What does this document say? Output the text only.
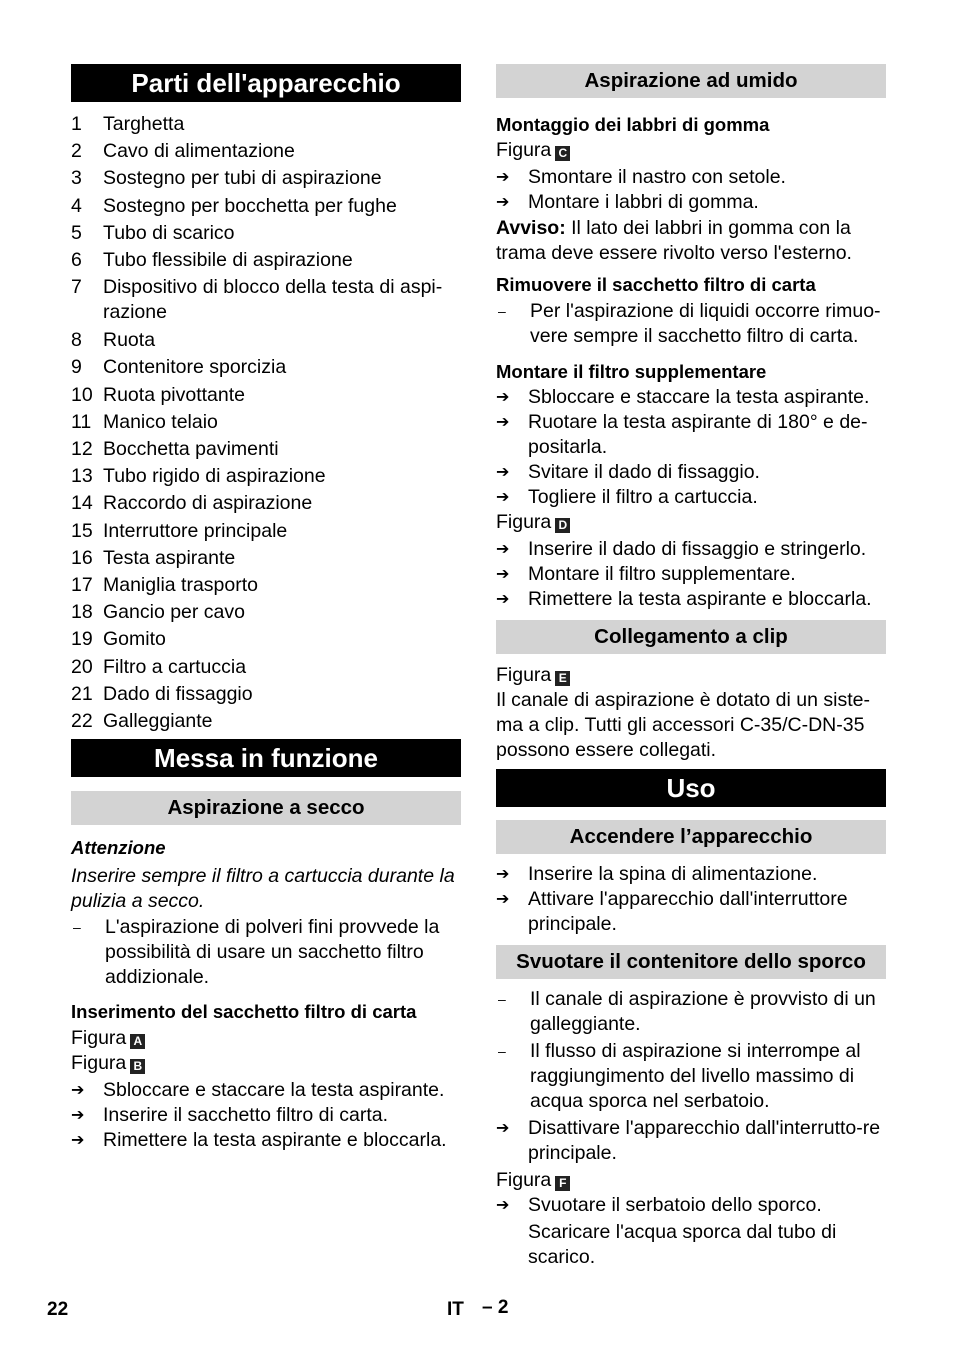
Parti dell'apparecchio
1	Targhetta
2	Cavo di alimentazione
3	Sostegno per tubi di aspirazione
4	Sostegno per bocchetta per fughe
5	Tubo di scarico
6	Tubo flessibile di aspirazione
7	Dispositivo di blocco della testa di aspi-razione
8	Ruota
9	Contenitore sporcizia
10 Ruota pivottante
11 Manico telaio
12 Bocchetta pavimenti
13 Tubo rigido di aspirazione
14 Raccordo di aspirazione
15 Interruttore principale
16 Testa aspirante
17 Maniglia trasporto
18 Gancio per cavo
19 Gomito
20 Filtro a cartuccia
21 Dado di fissaggio
22 Galleggiante
Messa in funzione
Aspirazione a secco
Attenzione
Inserire sempre il filtro a cartuccia durante la pulizia a secco.
–	L'aspirazione di polveri fini provvede la possibilità di usare un sacchetto filtro addizionale.
Inserimento del sacchetto filtro di carta
Figura A
Figura B
➔ Sbloccare e staccare la testa aspirante.
➔ Inserire il sacchetto filtro di carta.
➔ Rimettere la testa aspirante e bloccarla.
Aspirazione ad umido
Montaggio dei labbri di gomma
Figura C
➔ Smontare il nastro con setole.
➔ Montare i labbri di gomma.
Avviso: Il lato dei labbri in gomma con la trama deve essere rivolto verso l'esterno.
Rimuovere il sacchetto filtro di carta
–	Per l'aspirazione di liquidi occorre rimuo-vere sempre il sacchetto filtro di carta.
Montare il filtro supplementare
➔ Sbloccare e staccare la testa aspirante.
➔ Ruotare la testa aspirante di 180° e de-positarla.
➔ Svitare il dado di fissaggio.
➔ Togliere il filtro a cartuccia.
Figura D
➔ Inserire il dado di fissaggio e stringerlo.
➔ Montare il filtro supplementare.
➔ Rimettere la testa aspirante e bloccarla.
Collegamento a clip
Figura E
Il canale di aspirazione è dotato di un siste-ma a clip. Tutti gli accessori C-35/C-DN-35 possono essere collegati.
Uso
Accendere l’apparecchio
➔ Inserire la spina di alimentazione.
➔ Attivare l'apparecchio dall'interruttore principale.
Svuotare il contenitore dello sporco
–	Il canale di aspirazione è provvisto di un galleggiante.
–	Il flusso di aspirazione si interrompe al raggiungimento del livello massimo di acqua sporca nel serbatoio.
➔ Disattivare l'apparecchio dall'interrutto-re principale.
Figura F
➔ Svuotare il serbatoio dello sporco.
Scaricare l'acqua sporca dal tubo di scarico.
22	IT – 2
